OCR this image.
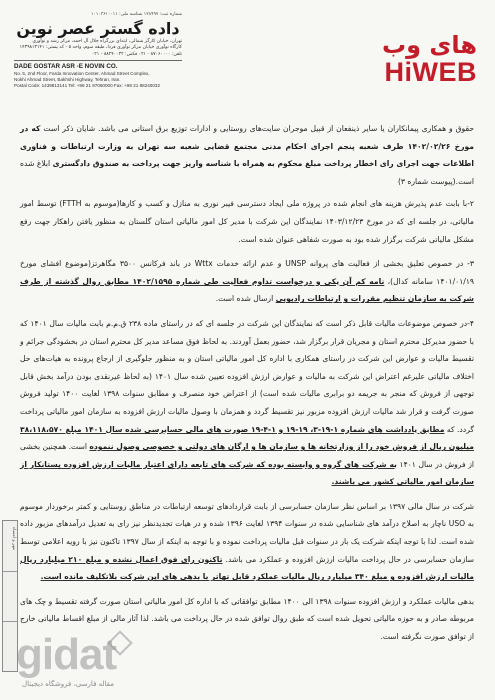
های وب
HiWEB
شماره ثبت: ۱۲۸۹۹۷ شناسه ملی: ۱۰۱۰۳۶۱۰۰۱۱
داده گستر عصر نوین
تهران، خیابان کارگر شمالی، ابتدای بزرگراه جلال آل احمد، مرکز رشد و نوآوری
کارگاه نوآوری خیابان مرکز نوآوری فردا، طبقه سوم، واحد ۵ - کد پستی: ۱۴۳۹۸۱۳۱۴۱
تلفن: ۸۷۰۶۰۰۰۰ - ۰۲۱ فکس: ۸۸۲۴۰۰۳۲ - ۰۲۱
DADE GOSTAR ASR -E NOVIN CO.
No. 5, 2nd Floor, Farda Innovation Center, Ahmad Street Complex,
Nokhi Ahmad Street, Bakhshi Highway, Tehran, Iran.
Postal Code: 1439813141 Tel: +98 21 87060000 Fax: +98 21 88240032

حقوق و همکاری پیمانکاران یا سایر ذینفعان از قبیل موجران سایت‌های روستایی و ادارات توزیع برق استانی می باشد. شایان ذکر است که در مورخ ۱۴۰۲/۰۲/۲۶ طرف شعبه پنجم اجرای احکام مدنی مجتمع قضایی شعبه سه تهران به وزارت ارتباطات و فناوری اطلاعات جهت اجرای رای اخطار پرداخت مبلغ محکوم به همراه با شناسه واریز جهت پرداخت به صندوق دادگستری ابلاغ شده است.(پیوست شماره ۳)

۲-با بابت عدم پذیرش هزینه های انجام شده در پروژه ملی ایجاد دسترسی فیبر نوری به منازل و کسب و کارها(موسوم به FTTH) توسط امور مالیاتی، در جلسه ای که در مورخ ۱۴۰۳/۱۲/۲۳ نمایندگان این شرکت با مدیر کل امور مالیاتی استان گلستان به منظور یافتن راهکار جهت رفع مشکل مالیاتی شرکت برگزار شده بود به صورت شفاهی عنوان شده است.

۳- در خصوص تعلیق بخشی از فعالیت های پروانه UNSP و عدم ارائه خدمات Wttx در باند فرکانس ۳۵۰۰ مگاهرتز(موضوع افشای مورخ ۱۴۰۱/۰۱/۱۹ سامانه کدال)، نامه کم آن یکی و درخواست تداوم فعالیت طی شماره ۱۴۰۲/۱۵۹۵ مطابق روال گذشته از طرف شرکت به سازمان تنظیم مقررات و ارتباطات رادیویی ارسال شده است.

۴-در خصوص موضوعات مالیات قابل ذکر است که نمایندگان این شرکت در جلسه ای که در راستای ماده ۲۳۸ ق.م.م بابت مالیات سال ۱۴۰۱ که با حضور مدیرکل محترم استان و مجریان قرار برگزار شد، حضور بعمل آوردند. به لحاظ فوق مساعد مدیر کل محترم استان در بخشودگی جرائم و تقسیط مالیات و عوارض این شرکت در راستای همکاری با اداره کل امور مالیاتی استان و به منظور جلوگیری از ارجاع پرونده به هیات‌های حل اختلاف مالیاتی علیرغم اعتراض این شرکت به مالیات و عوارض ارزش افزوده تعیین شده سال ۱۴۰۱ (به لحاظ غیرنقدی بودن درآمد بخش قابل توجهی از فروش که منجر به جریمه دو برابری مالیات شده است) از اعتراض خود منصرف و مطابق سنوات ۱۳۹۸ لغایت ۱۴۰۰ تولید فروش صورت گرفت و قرار شد مالیات ارزش افزوده مزبور نیز تقسیط گردد و همزمان با وصول مالیات ارزش افزوده به سازمان امور مالیاتی پرداخت گردد. که مطابق یادداشت های شماره ۱-۱۹-۳، ۱۹-۱۹ و ۱-۴-۱۹ صورت های مالی حسابرسی شده سال ۱۴۰۱ مبلغ ۳۸،۱۱۸،۵۷۰ میلیون ریال از فروش خود را از وزارتخانه ها و سازمان ها و ارگان های دولتی و خصوصی وصول ننموده است. همچنین بخشی از فروش در سال ۱۴۰۱ به شرکت های گروه و وابسته بوده که شرکت های تابعه دارای اعتبار مالیات ارزش افزوده پستانکار از سازمان امور مالیاتی کشور می باشند.

شرکت در سال مالی ۱۳۹۷ بر اساس نظر سازمان حسابرسی از بابت قراردادهای توسعه ارتباطات در مناطق روستایی و کمتر برخوردار موسوم به USO ناچار به اصلاح درآمد های شناسایی شده در سنوات ۱۳۹۴ لغایت ۱۳۹۶ شده و در هیات تجدیدنظر نیز رای به تعدیل درآمدهای مزبور داده شده است. لذا با توجه اینکه شرکت یک بار در سنوات قبل مالیات پرداخت نموده و با توجه به اینکه از سال ۱۳۹۷ تاکنون نیز با رویه اعلامی توسط سازمان حسابرسی در حال پرداخت مالیات ارزش افزوده و عملکرد می باشد. تاکنون رای فوق اعمال نشده و مبلغ ۲۱۰ میلیارد ریال مالیات ارزش افزوده و مبلغ ۳۴۰ میلیارد ریال مالیات عملکرد قابل تهاتر با بدهی های این شرکت بلاتکلیف مانده است.

بدهی مالیات عملکرد و ارزش افزوده سنوات ۱۳۹۸ الی ۱۴۰۰ مطابق توافقاتی که با اداره کل امور مالیاتی استان صورت گرفته تقسیط و چک های مربوطه صادر و به حوزه مالیاتی تحویل شده است که طبق روال توافق شده در حال پرداخت می باشد. لذا آثار مالی از مبلغ اقساط مالیاتی خارج از توافق صورت نگرفته است.

مهر و امضاء
gidat
مقاله فارسی، فروشگاه دیجیتال
